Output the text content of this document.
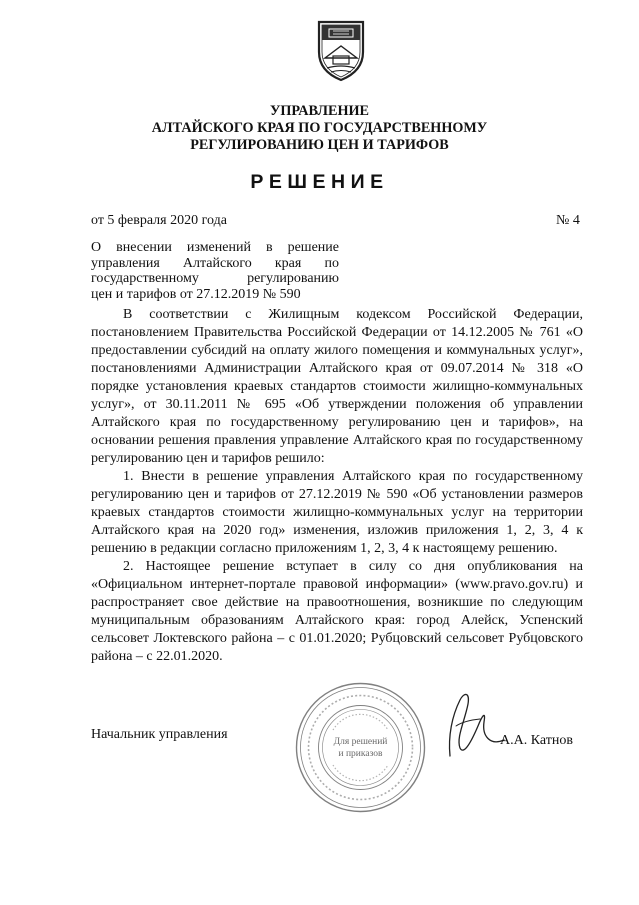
УПРАВЛЕНИЕ
АЛТАЙСКОГО КРАЯ ПО ГОСУДАРСТВЕННОМУ
РЕГУЛИРОВАНИЮ ЦЕН И ТАРИФОВ
РЕШЕНИЕ
от 5 февраля 2020 года	№ 4
О внесении изменений в решение
управления Алтайского края по
государственному регулированию
цен и тарифов от 27.12.2019 № 590

В соответствии с Жилищным кодексом Российской Федерации, постановлением Правительства Российской Федерации от 14.12.2005 № 761 «О предоставлении субсидий на оплату жилого помещения и коммунальных услуг», постановлениями Администрации Алтайского края от 09.07.2014 № 318 «О порядке установления краевых стандартов стоимости жилищно-коммунальных услуг», от 30.11.2011 № 695 «Об утверждении положения об управлении Алтайского края по государственному регулированию цен и тарифов», на основании решения правления управление Алтайского края по государственному регулированию цен и тарифов решило:

1. Внести в решение управления Алтайского края по государственному регулированию цен и тарифов от 27.12.2019 № 590 «Об установлении размеров краевых стандартов стоимости жилищно-коммунальных услуг на территории Алтайского края на 2020 год» изменения, изложив приложения 1, 2, 3, 4 к решению в редакции согласно приложениям 1, 2, 3, 4 к настоящему решению.

2. Настоящее решение вступает в силу со дня опубликования на «Официальном интернет-портале правовой информации» (www.pravo.gov.ru) и распространяет свое действие на правоотношения, возникшие по следующим муниципальным образованиям Алтайского края: город Алейск, Успенский сельсовет Локтевского района – с 01.01.2020; Рубцовский сельсовет Рубцовского района – с 22.01.2020.

Начальник управления	Для решений
и приказов
А.А. Катнов
